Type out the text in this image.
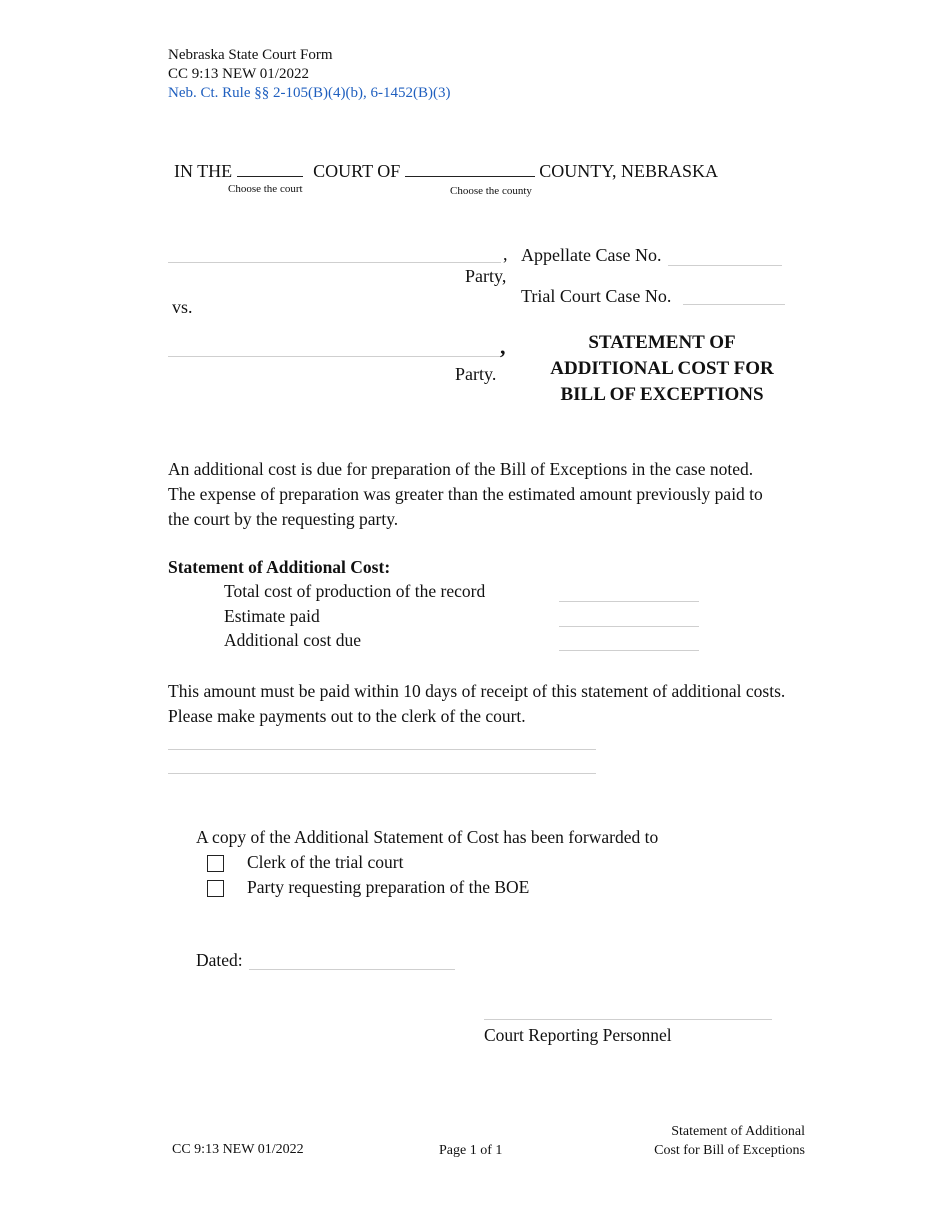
Nebraska State Court Form
CC 9:13 NEW 01/2022
Neb. Ct. Rule §§ 2-105(B)(4)(b), 6-1452(B)(3)
IN THE	COURT OF	COUNTY, NEBRASKA
Choose the court	Choose the county
,
Party,
vs.
,
Party.
Appellate Case No.
Trial Court Case No.
STATEMENT OF
ADDITIONAL COST FOR
BILL OF EXCEPTIONS
An additional cost is due for preparation of the Bill of Exceptions in the case noted. The expense of preparation was greater than the estimated amount previously paid to the court by the requesting party.
Statement of Additional Cost:
Total cost of production of the record
Estimate paid
Additional cost due
This amount must be paid within 10 days of receipt of this statement of additional costs. Please make payments out to the clerk of the court.
A copy of the Additional Statement of Cost has been forwarded to
Clerk of the trial court
Party requesting preparation of the BOE
Dated:
Court Reporting Personnel
CC 9:13 NEW 01/2022	Page 1 of 1
Statement of Additional
Cost for Bill of Exceptions
